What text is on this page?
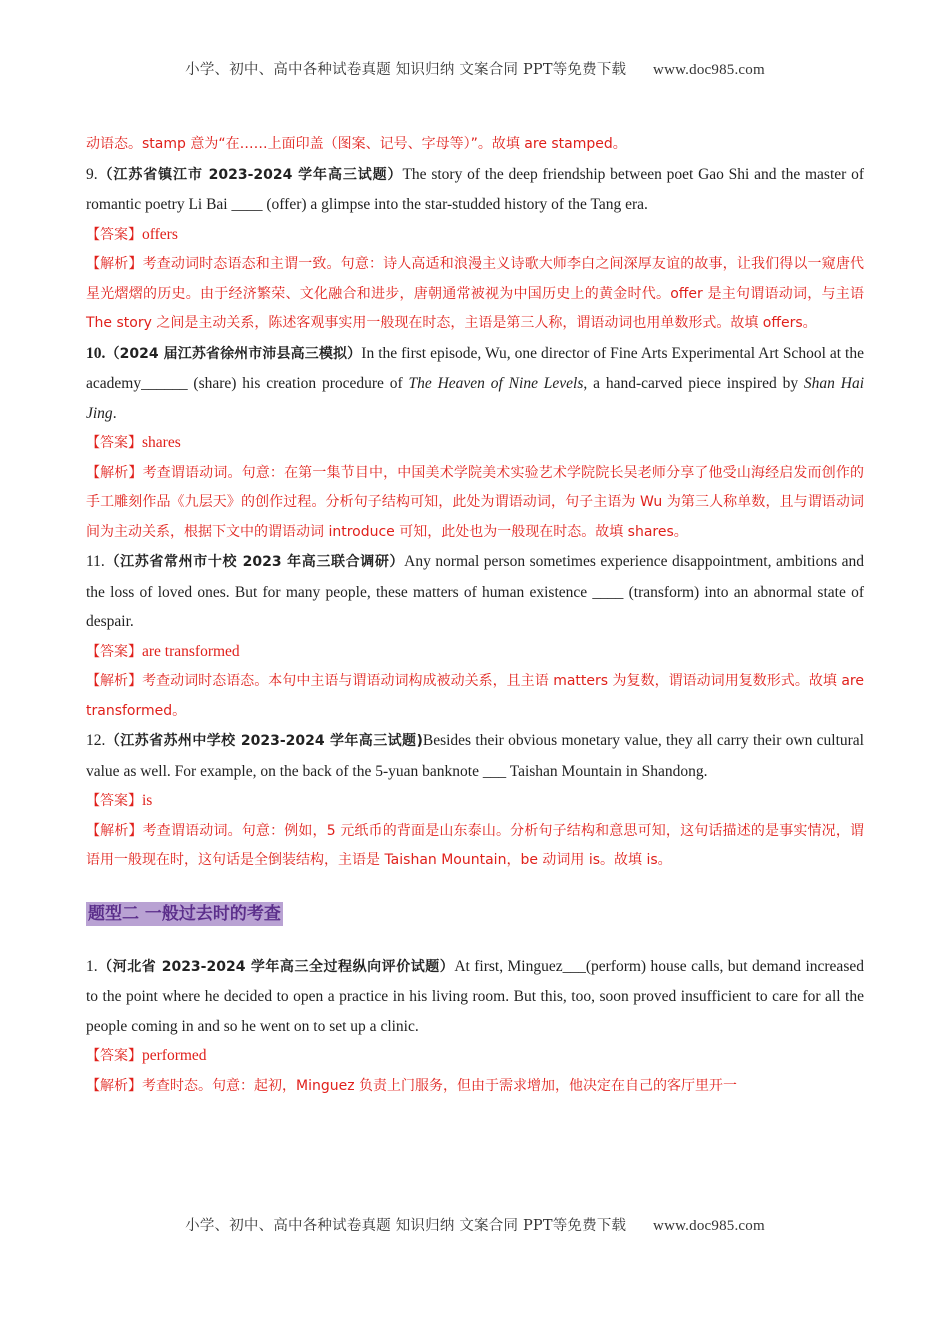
小学、初中、高中各种试卷真题 知识归纳 文案合同 PPT等免费下载 www.doc985.com

动语态。stamp 意为“在……上面印盖（图案、记号、字母等）”。故填 are stamped。

9.（江苏省镇江市 2023-2024 学年高三试题）The story of the deep friendship between poet Gao Shi and the master of romantic poetry Li Bai ____ (offer) a glimpse into the star-studded history of the Tang era.

【答案】offers

【解析】考查动词时态语态和主谓一致。句意：诗人高适和浪漫主义诗歌大师李白之间深厚友谊的故事，让我们得以一窥唐代星光熠熠的历史。由于经济繁荣、文化融合和进步，唐朝通常被视为中国历史上的黄金时代。offer 是主句谓语动词，与主语 The story 之间是主动关系，陈述客观事实用一般现在时态，主语是第三人称，谓语动词也用单数形式。故填 offers。

10.（2024 届江苏省徐州市沛县高三模拟）In the first episode, Wu, one director of Fine Arts Experimental Art School at the academy______ (share) his creation procedure of The Heaven of Nine Levels, a hand-carved piece inspired by Shan Hai Jing.

【答案】shares

【解析】考查谓语动词。句意：在第一集节目中，中国美术学院美术实验艺术学院院长吴老师分享了他受山海经启发而创作的手工雕刻作品《九层天》的创作过程。分析句子结构可知，此处为谓语动词，句子主语为 Wu 为第三人称单数，且与谓语动词间为主动关系，根据下文中的谓语动词 introduce 可知，此处也为一般现在时态。故填 shares。

11.（江苏省常州市十校 2023 年高三联合调研）Any normal person sometimes experience disappointment, ambitions and the loss of loved ones. But for many people, these matters of human existence ____ (transform) into an abnormal state of despair.

【答案】are transformed

【解析】考查动词时态语态。本句中主语与谓语动词构成被动关系，且主语 matters 为复数，谓语动词用复数形式。故填 are transformed。

12.（江苏省苏州中学校 2023-2024 学年高三试题)Besides their obvious monetary value, they all carry their own cultural value as well. For example, on the back of the 5-yuan banknote ___ Taishan Mountain in Shandong.

【答案】is

【解析】考查谓语动词。句意：例如，5 元纸币的背面是山东泰山。分析句子结构和意思可知，这句话描述的是事实情况，谓语用一般现在时，这句话是全倒装结构，主语是 Taishan Mountain，be 动词用 is。故填 is。

题型二 一般过去时的考查

1.（河北省 2023-2024 学年高三全过程纵向评价试题）At first, Minguez___(perform) house calls, but demand increased to the point where he decided to open a practice in his living room. But this, too, soon proved insufficient to care for all the people coming in and so he went on to set up a clinic.

【答案】performed

【解析】考查时态。句意：起初，Minguez 负责上门服务，但由于需求增加，他决定在自己的客厅里开一

小学、初中、高中各种试卷真题 知识归纳 文案合同 PPT等免费下载 www.doc985.com
